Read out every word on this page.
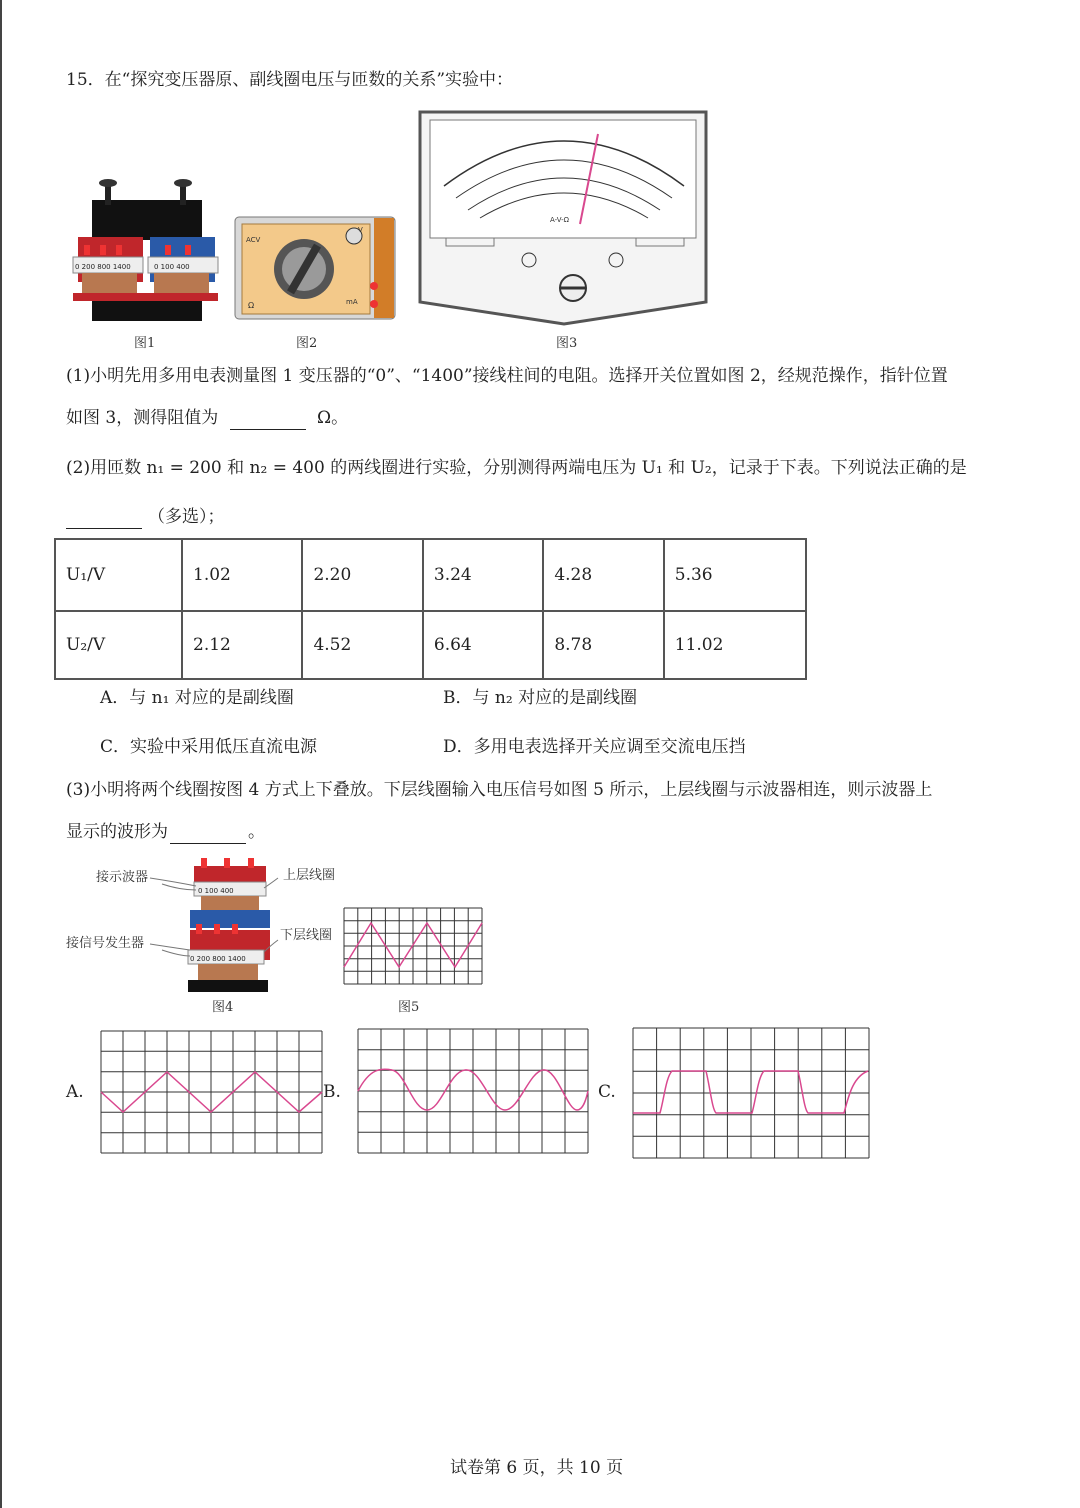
15．在“探究变压器原、副线圈电压与匝数的关系”实验中：
0 200 800 1400	0 100 400
图1
ACV
Ω
V
mA
图2
A-V-Ω
图3
(1)小明先用多用电表测量图 1 变压器的“0”、“1400”接线柱间的电阻。选择开关位置如图 2，经规范操作，指针位置
如图 3，测得阻值为	Ω。
(2)用匝数 n₁ = 200 和 n₂ = 400 的两线圈进行实验，分别测得两端电压为 U₁ 和 U₂，记录于下表。下列说法正确的是
（多选）；
U₁/V	1.02	2.20	3.24	4.28	5.36
U₂/V	2.12	4.52	6.64	8.78	11.02
A．与 n₁ 对应的是副线圈	B．与 n₂ 对应的是副线圈
C．实验中采用低压直流电源	D．多用电表选择开关应调至交流电压挡
(3)小明将两个线圈按图 4 方式上下叠放。下层线圈输入电压信号如图 5 所示，上层线圈与示波器相连，则示波器上
显示的波形为	。
0 100 400
0 200 800 1400
接示波器	上层线圈
接信号发生器
下层线圈
图4	图5
A.	B.	C.
试卷第 6 页，共 10 页
